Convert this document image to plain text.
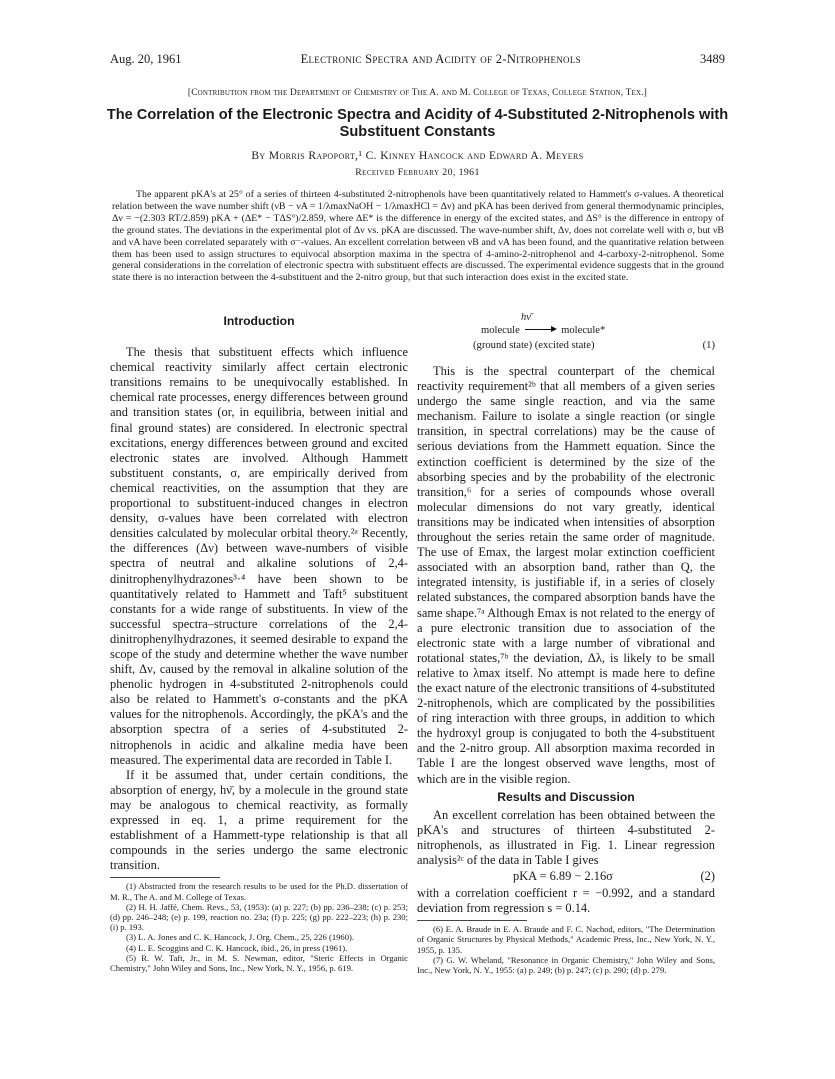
Aug. 20, 1961	Electronic Spectra and Acidity of 2-Nitrophenols	3489
[Contribution from the Department of Chemistry of The A. and M. College of Texas, College Station, Tex.]
The Correlation of the Electronic Spectra and Acidity of 4-Substituted 2-Nitrophenols with Substituent Constants
By Morris Rapoport,¹ C. Kinney Hancock and Edward A. Meyers
Received February 20, 1961
The apparent pKA's at 25° of a series of thirteen 4-substituted 2-nitrophenols have been quantitatively related to Hammett's σ-values. A theoretical relation between the wave number shift (νB − νA = 1/λmaxNaOH − 1/λmaxHCl = Δν) and pKA has been derived from general thermodynamic principles, Δν = −(2.303 RT/2.859) pKA + (ΔE* − TΔS°)/2.859, where ΔE* is the difference in energy of the excited states, and ΔS° is the difference in entropy of the ground states. The deviations in the experimental plot of Δν vs. pKA are discussed. The wave-number shift, Δν, does not correlate well with σ, but νB and νA have been correlated separately with σ⁻-values. An excellent correlation between νB and νA has been found, and the quantitative relation between them has been used to assign structures to equivocal absorption maxima in the spectra of 4-amino-2-nitrophenol and 4-carboxy-2-nitrophenol. Some general considerations in the correlation of electronic spectra with substituent effects are discussed. The experimental evidence suggests that in the ground state there is no interaction between the 4-substituent and the 2-nitro group, but that such interaction does exist in the excited state.
Introduction

The thesis that substituent effects which influence chemical reactivity similarly affect certain electronic transitions remains to be unequivocally established. In chemical rate processes, energy differences between ground and transition states (or, in equilibria, between initial and final ground states) are considered. In electronic spectral excitations, energy differences between ground and excited electronic states are involved. Although Hammett substituent constants, σ, are empirically derived from chemical reactivities, on the assumption that they are proportional to substituent-induced changes in electron density, σ-values have been correlated with electron densities calculated by molecular orbital theory.²ᵃ Recently, the differences (Δν) between wave-numbers of visible spectra of neutral and alkaline solutions of 2,4-dinitrophenylhydrazones³·⁴ have been shown to be quantitatively related to Hammett and Taft⁵ substituent constants for a wide range of substituents. In view of the successful spectra–structure correlations of the 2,4-dinitrophenylhydrazones, it seemed desirable to expand the scope of the study and determine whether the wave number shift, Δν, caused by the removal in alkaline solution of the phenolic hydrogen in 4-substituted 2-nitrophenols could also be related to Hammett's σ-constants and the pKA values for the nitrophenols. Accordingly, the pKA's and the absorption spectra of a series of 4-substituted 2-nitrophenols in acidic and alkaline media have been measured. The experimental data are recorded in Table I.

If it be assumed that, under certain conditions, the absorption of energy, hν̄, by a molecule in the ground state may be analogous to chemical reactivity, as formally expressed in eq. 1, a prime requirement for the establishment of a Hammett-type relationship is that all compounds in the series undergo the same electronic transition.

(1) Abstracted from the research results to be used for the Ph.D. dissertation of M. R., The A. and M. College of Texas.

(2) H. H. Jaffé, Chem. Revs., 53, (1953): (a) p. 227; (b) pp. 236–238; (c) p. 253; (d) pp. 246–248; (e) p. 199, reaction no. 23a; (f) p. 225; (g) pp. 222–223; (h) p. 230; (i) p. 193.

(3) L. A. Jones and C. K. Hancock, J. Org. Chem., 25, 226 (1960).

(4) L. E. Scoggins and C. K. Hancock, ibid., 26, in press (1961).

(5) R. W. Taft, Jr., in M. S. Newman, editor, "Steric Effects in Organic Chemistry," John Wiley and Sons, Inc., New York, N. Y., 1956, p. 619.

hν̄
molecule → molecule*
(ground state) (excited state)	(1)

This is the spectral counterpart of the chemical reactivity requirement²ᵇ that all members of a given series undergo the same single reaction, and via the same mechanism. Failure to isolate a single reaction (or single transition, in spectral correlations) may be the cause of serious deviations from the Hammett equation. Since the extinction coefficient is determined by the size of the absorbing species and by the probability of the electronic transition,⁶ for a series of compounds whose overall molecular dimensions do not vary greatly, identical transitions may be indicated when intensities of absorption throughout the series retain the same order of magnitude. The use of Emax, the largest molar extinction coefficient associated with an absorption band, rather than Q, the integrated intensity, is justifiable if, in a series of closely related substances, the compared absorption bands have the same shape.⁷ᵃ Although Emax is not related to the energy of a pure electronic transition due to association of the electronic state with a large number of vibrational and rotational states,⁷ᵇ the deviation, Δλ, is likely to be small relative to λmax itself. No attempt is made here to define the exact nature of the electronic transitions of 4-substituted 2-nitrophenols, which are complicated by the possibilities of ring interaction with three groups, in addition to which the hydroxyl group is conjugated to both the 4-substituent and the 2-nitro group. All absorption maxima recorded in Table I are the longest observed wave lengths, most of which are in the visible region.

Results and Discussion

An excellent correlation has been obtained between the pKA's and structures of thirteen 4-substituted 2-nitrophenols, as illustrated in Fig. 1. Linear regression analysis²ᶜ of the data in Table I gives

pKA = 6.89 − 2.16σ	(2)

with a correlation coefficient r = −0.992, and a standard deviation from regression s = 0.14.

(6) E. A. Braude in E. A. Braude and F. C. Nachod, editors, "The Determination of Organic Structures by Physical Methods," Academic Press, Inc., New York, N. Y., 1955, p. 135.

(7) G. W. Wheland, "Resonance in Organic Chemistry," John Wiley and Sons, Inc., New York, N. Y., 1955: (a) p. 249; (b) p. 247; (c) p. 290; (d) p. 279.
